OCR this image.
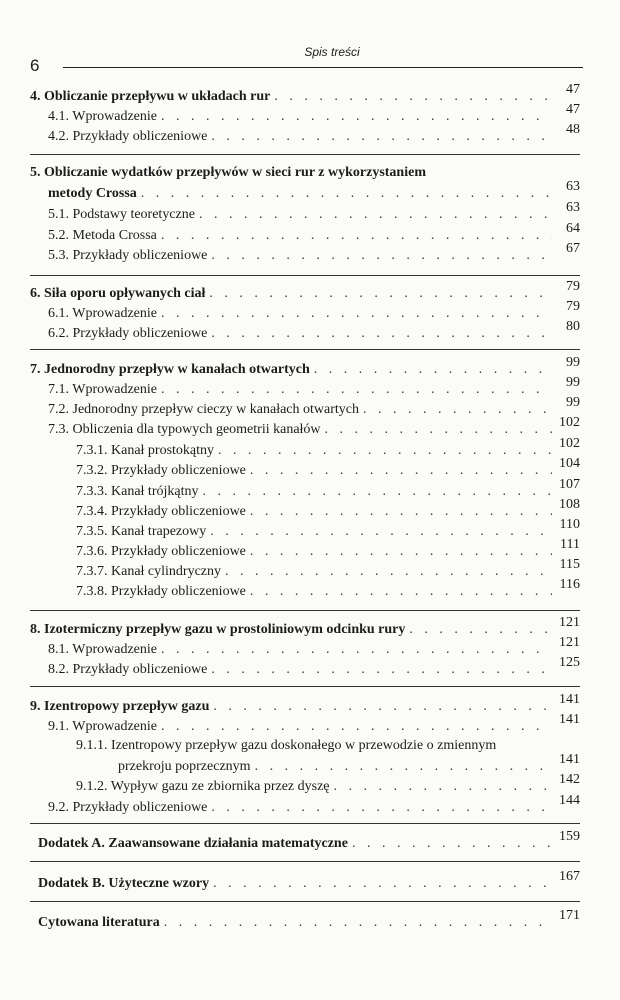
6
Spis treści
4. Obliczanie przepływu w układach rur . . .	47
4.1. Wprowadzenie . . .	47
4.2. Przykłady obliczeniowe . . .	48
5. Obliczanie wydatków przepływów w sieci rur z wykorzystaniem
metody Crossa . . .	63
5.1. Podstawy teoretyczne . . .	63
5.2. Metoda Crossa . . .	64
5.3. Przykłady obliczeniowe . . .	67
6. Siła oporu opływanych ciał . . .	79
6.1. Wprowadzenie . . .	79
6.2. Przykłady obliczeniowe . . .	80
7. Jednorodny przepływ w kanałach otwartych . . .	99
7.1. Wprowadzenie . . .	99
7.2. Jednorodny przepływ cieczy w kanałach otwartych . . .	99
7.3. Obliczenia dla typowych geometrii kanałów . . .	102
7.3.1. Kanał prostokątny . . .	102
7.3.2. Przykłady obliczeniowe . . .	104
7.3.3. Kanał trójkątny . . .	107
7.3.4. Przykłady obliczeniowe . . .	108
7.3.5. Kanał trapezowy . . .	110
7.3.6. Przykłady obliczeniowe . . .	111
7.3.7. Kanał cylindryczny . . .	115
7.3.8. Przykłady obliczeniowe . . .	116
8. Izotermiczny przepływ gazu w prostoliniowym odcinku rury . . .	121
8.1. Wprowadzenie . . .	121
8.2. Przykłady obliczeniowe . . .	125
9. Izentropowy przepływ gazu . . .	141
9.1. Wprowadzenie . . .	141
9.1.1. Izentropowy przepływ gazu doskonałego w przewodzie o zmiennym
przekroju poprzecznym . . .	141
9.1.2. Wypływ gazu ze zbiornika przez dyszę . . .	142
9.2. Przykłady obliczeniowe . . .	144
Dodatek A. Zaawansowane działania matematyczne . . .	159
Dodatek B. Użyteczne wzory . . .	167
Cytowana literatura . . .	171
